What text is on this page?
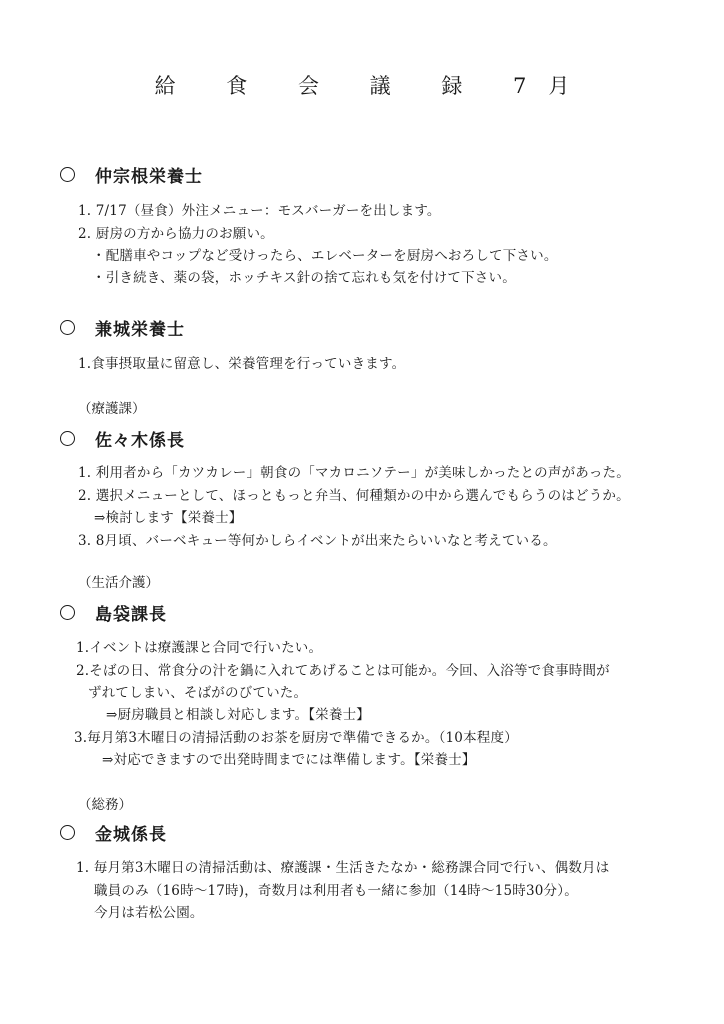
給 食 会 議 録 7月
仲宗根栄養士
1. 7/17（昼食）外注メニュー：モスバーガーを出します。
2. 厨房の方から協力のお願い。
・配膳車やコップなど受けったら、エレベーターを厨房へおろして下さい。
・引き続き、薬の袋，ホッチキス針の捨て忘れも気を付けて下さい。
兼城栄養士
1.食事摂取量に留意し、栄養管理を行っていきます。
（療護課）
佐々木係長
1. 利用者から「カツカレー」朝食の「マカロニソテー」が美味しかったとの声があった。
2. 選択メニューとして、ほっともっと弁当、何種類かの中から選んでもらうのはどうか。
⇒検討します【栄養士】
3. 8月頃、バーベキュー等何かしらイベントが出来たらいいなと考えている。
（生活介護）
島袋課長
1.イベントは療護課と合同で行いたい。
2.そばの日、常食分の汁を鍋に入れてあげることは可能か。今回、入浴等で食事時間が
ずれてしまい、そばがのびていた。
⇒厨房職員と相談し対応します。【栄養士】
3.毎月第3木曜日の清掃活動のお茶を厨房で準備できるか。（10本程度）
⇒対応できますので出発時間までには準備します。【栄養士】
（総務）
金城係長
1. 毎月第3木曜日の清掃活動は、療護課・生活きたなか・総務課合同で行い、偶数月は
職員のみ（16時～17時)，奇数月は利用者も一緒に参加（14時～15時30分）。
今月は若松公園。
